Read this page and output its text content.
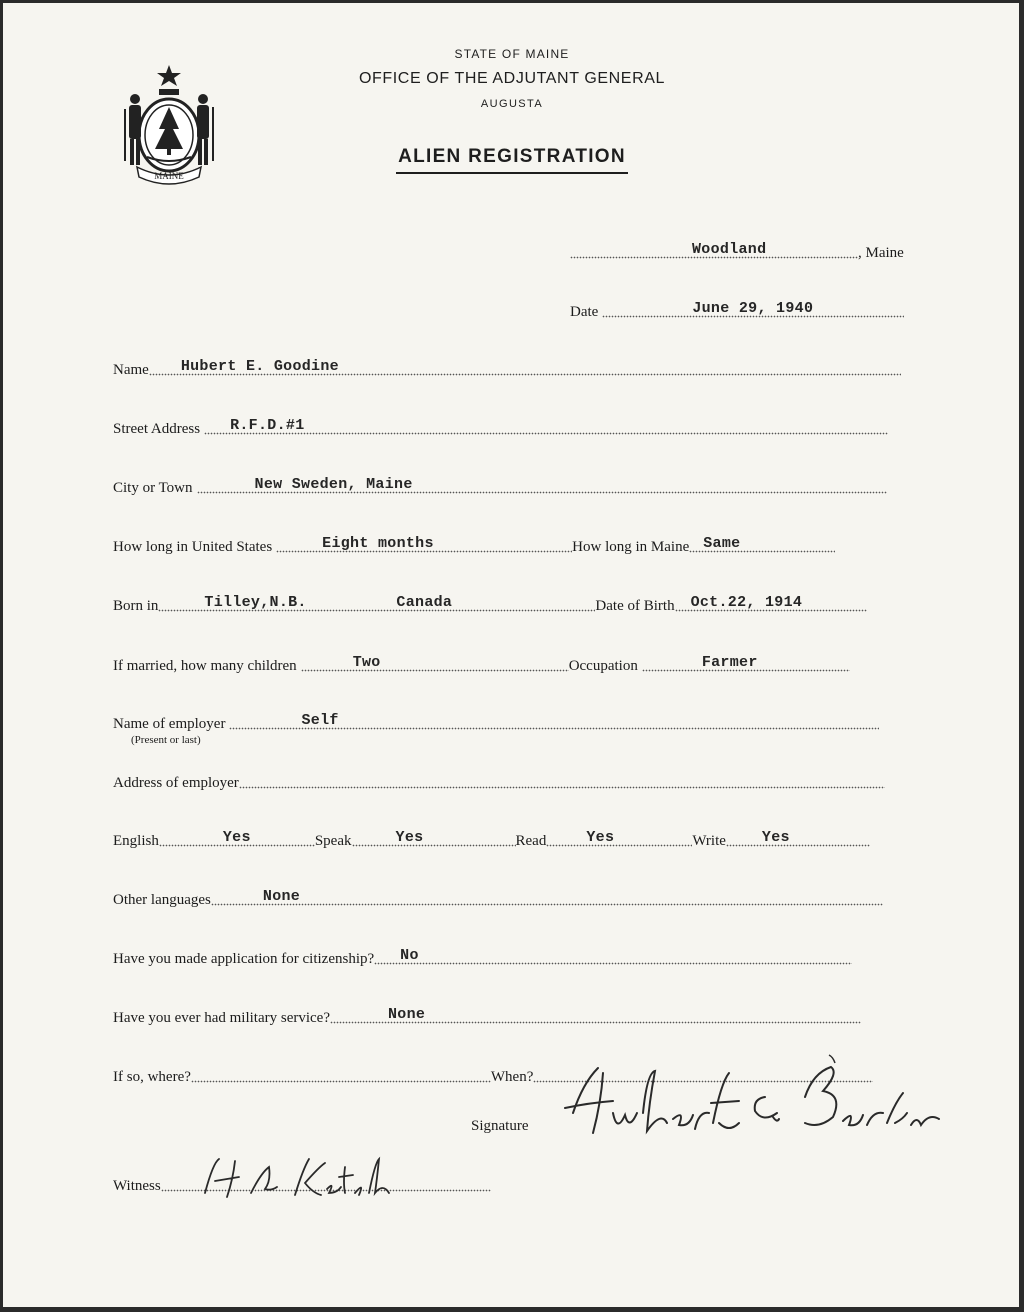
MAINE
STATE OF MAINE
OFFICE OF THE ADJUTANT GENERAL
AUGUSTA
ALIEN REGISTRATION
Woodland	, Maine
Date	June 29, 1940
Name Hubert E. Goodine
Street Address R.F.D.#1
City or Town	New Sweden, Maine
How long in United States	Eight months	How long in Maine Same
Born in	Tilley,N.B.	Canada	Date of Birth Oct.22, 1914
If married, how many children	Two	Occupation	Farmer
Name of employer	Self
(Present or last)
Address of employer
English	Yes	Speak	Yes	Read	Yes	Write Yes
Other languages	None
Have you made application for citizenship? No
Have you ever had military service?	None
If so, where?	When?
Signature
Hubert E. Goodine
Witness
H. L. Ketch
